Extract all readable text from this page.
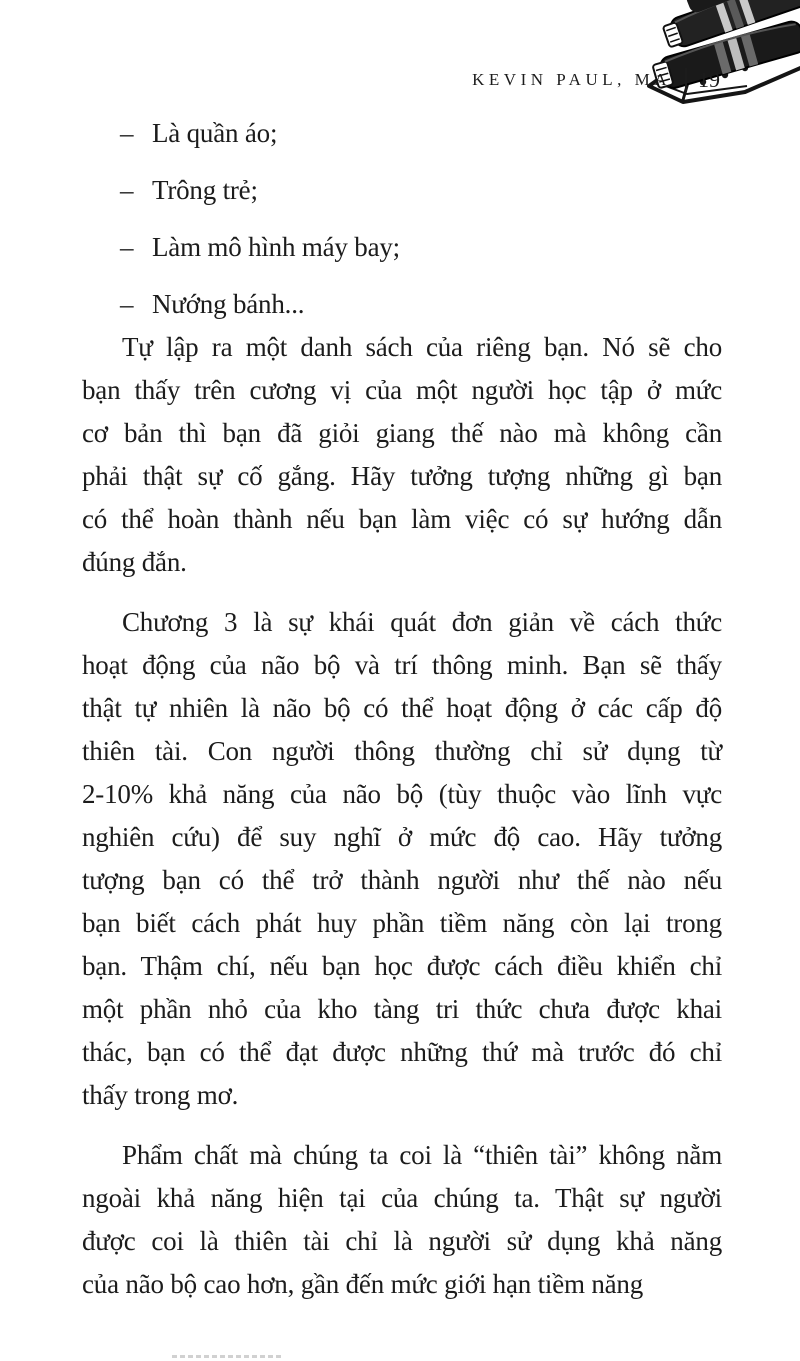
KEVIN PAUL, MA 19
– Là quần áo;
– Trông trẻ;
– Làm mô hình máy bay;
– Nướng bánh...
Tự lập ra một danh sách của riêng bạn. Nó sẽ cho
bạn thấy trên cương vị của một người học tập ở mức
cơ bản thì bạn đã giỏi giang thế nào mà không cần
phải thật sự cố gắng. Hãy tưởng tượng những gì bạn
có thể hoàn thành nếu bạn làm việc có sự hướng dẫn
đúng đắn.
Chương 3 là sự khái quát đơn giản về cách thức
hoạt động của não bộ và trí thông minh. Bạn sẽ thấy
thật tự nhiên là não bộ có thể hoạt động ở các cấp độ
thiên tài. Con người thông thường chỉ sử dụng từ
2-10% khả năng của não bộ (tùy thuộc vào lĩnh vực
nghiên cứu) để suy nghĩ ở mức độ cao. Hãy tưởng
tượng bạn có thể trở thành người như thế nào nếu
bạn biết cách phát huy phần tiềm năng còn lại trong
bạn. Thậm chí, nếu bạn học được cách điều khiển chỉ
một phần nhỏ của kho tàng tri thức chưa được khai
thác, bạn có thể đạt được những thứ mà trước đó chỉ
thấy trong mơ.
Phẩm chất mà chúng ta coi là “thiên tài” không nằm
ngoài khả năng hiện tại của chúng ta. Thật sự người
được coi là thiên tài chỉ là người sử dụng khả năng
của não bộ cao hơn, gần đến mức giới hạn tiềm năng
